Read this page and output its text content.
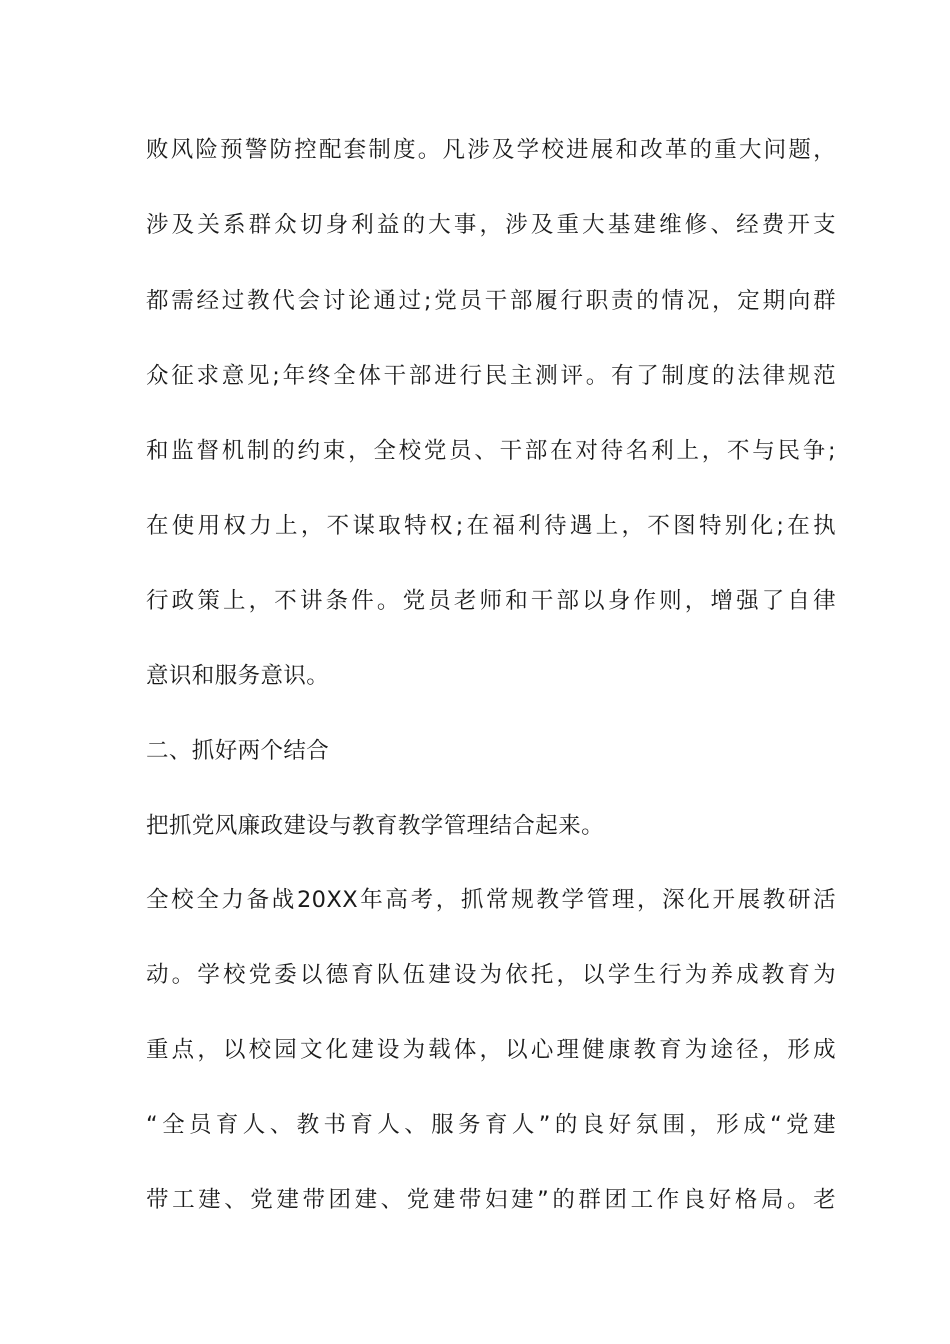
败风险预警防控配套制度。凡涉及学校进展和改革的重大问题，
涉及关系群众切身利益的大事，涉及重大基建维修、经费开支
都需经过教代会讨论通过;党员干部履行职责的情况，定期向群
众征求意见;年终全体干部进行民主测评。有了制度的法律规范
和监督机制的约束，全校党员、干部在对待名利上，不与民争;
在使用权力上，不谋取特权;在福利待遇上，不图特别化;在执
行政策上，不讲条件。党员老师和干部以身作则，增强了自律
意识和服务意识。
二、抓好两个结合
把抓党风廉政建设与教育教学管理结合起来。
全校全力备战20XX年高考，抓常规教学管理，深化开展教研活
动。学校党委以德育队伍建设为依托，以学生行为养成教育为
重点，以校园文化建设为载体，以心理健康教育为途径，形成
“全员育人、教书育人、服务育人”的良好氛围，形成“党建
带工建、党建带团建、党建带妇建”的群团工作良好格局。老
